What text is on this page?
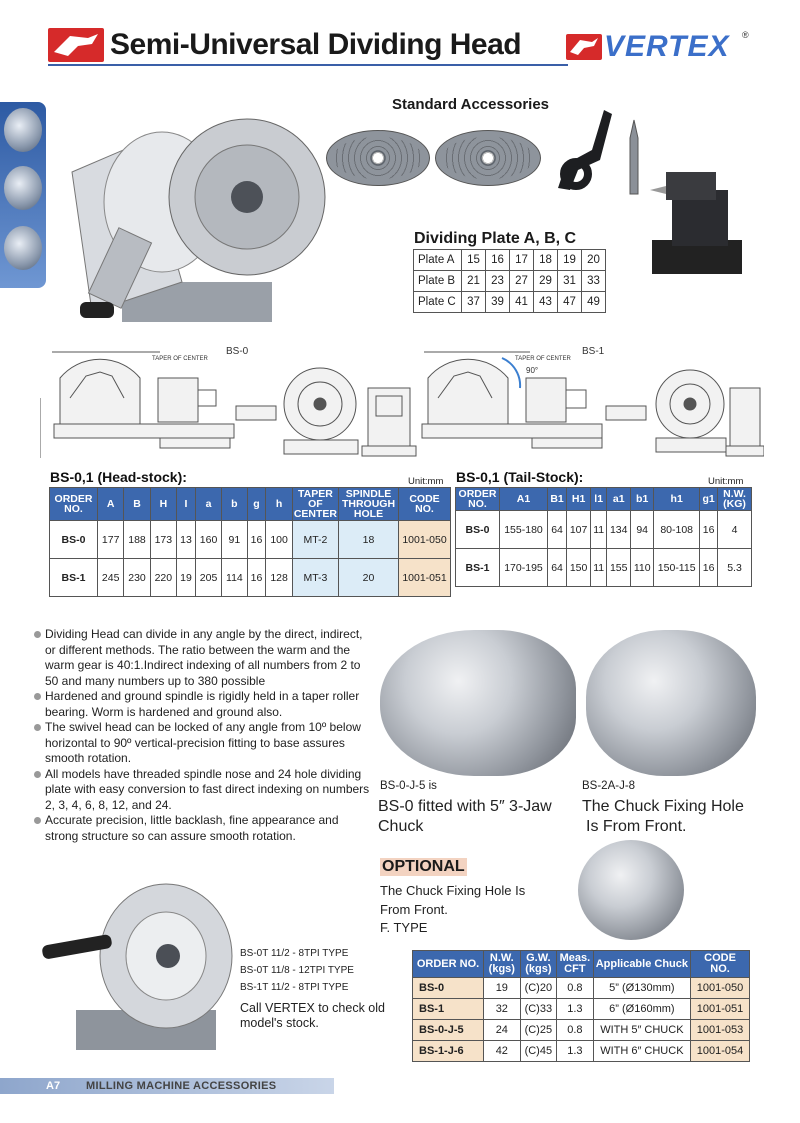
Semi-Universal Dividing Head	VERTEX ®
Standard Accessories
Dividing Plate A, B, C
Plate A	15	16	17	18	19	20
Plate B	21	23	27	29	31	33
Plate C	37	39	41	43	47	49
BS-0	BS-1
TAPER OF CENTER	TAPER OF CENTER
90°
BS-0,1 (Head-stock):	Unit:mm
ORDER NO.	A	B	H	I	a	b	g	h	TAPER OF CENTER	SPINDLE THROUGH HOLE	CODE NO.
BS-0	177	188	173	13	160	91	16	100	MT-2	18	1001-050
BS-1	245	230	220	19	205	114	16	128	MT-3	20	1001-051
BS-0,1 (Tail-Stock):	Unit:mm
ORDER NO.	A1	B1	H1	l1	a1	b1	h1	g1	N.W. (KG)
BS-0	155-180	64	107	11	134	94	80-108	16	4
BS-1	170-195	64	150	11	155	110	150-115	16	5.3
Dividing Head can divide in any angle by the direct, indirect, or different methods. The ratio between the warm and the warm gear is 40:1.Indirect indexing of all numbers from 2 to 50 and many numbers up to 380 possible
Hardened and ground spindle is rigidly held in a taper roller bearing. Worm is hardened and ground also.
The swivel head can be locked of any angle from 10º below horizontal to 90º vertical-precision fitting to base assures smooth rotation.
All models have threaded spindle nose and 24 hole dividing plate with easy conversion to fast direct indexing on numbers 2, 3, 4, 6, 8, 12, and 24.
Accurate precision, little backlash, fine appearance and strong structure so can assure smooth rotation.
BS-0-J-5 is
BS-0 fitted with 5″ 3-Jaw Chuck
BS-2A-J-8
The Chuck Fixing Hole
Is From Front.
OPTIONAL
The Chuck Fixing Hole Is
From Front.
F. TYPE
BS-0T 11/2 - 8TPI TYPE
BS-0T 11/8 - 12TPI TYPE
BS-1T 11/2 - 8TPI TYPE
Call VERTEX to check old model's stock.
ORDER NO.	N.W. (kgs)	G.W. (kgs)	Meas. CFT	Applicable Chuck	CODE NO.
BS-0	19	(C)20	0.8	5” (Ø130mm)	1001-050
BS-1	32	(C)33	1.3	6” (Ø160mm)	1001-051
BS-0-J-5	24	(C)25	0.8	WITH 5″ CHUCK	1001-053
BS-1-J-6	42	(C)45	1.3	WITH 6″ CHUCK	1001-054
A7 MILLING MACHINE ACCESSORIES
